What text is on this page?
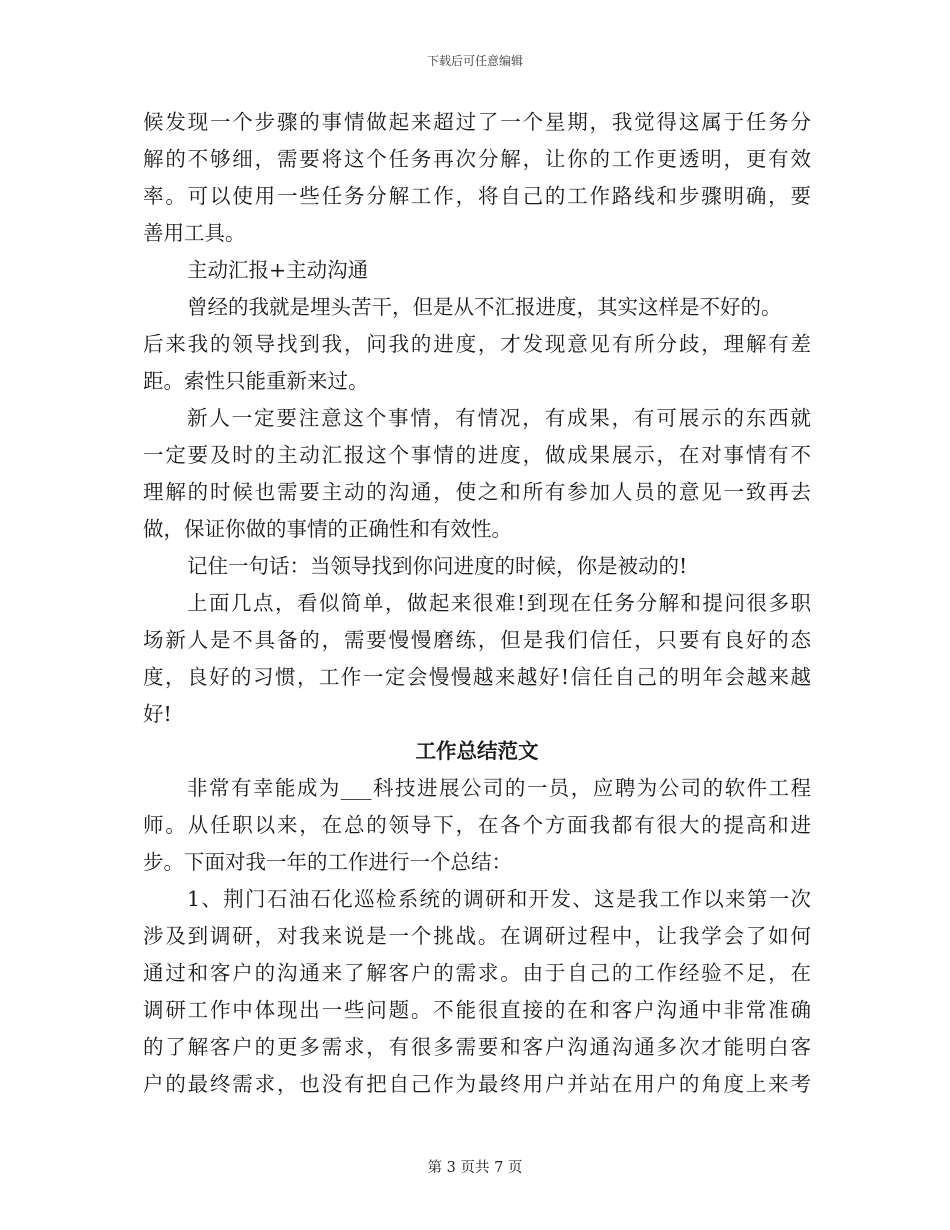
下载后可任意编辑
候发现一个步骤的事情做起来超过了一个星期，我觉得这属于任务分
解的不够细，需要将这个任务再次分解，让你的工作更透明，更有效
率。可以使用一些任务分解工作，将自己的工作路线和步骤明确，要
善用工具。
主动汇报+主动沟通
曾经的我就是埋头苦干，但是从不汇报进度，其实这样是不好的。
后来我的领导找到我，问我的进度，才发现意见有所分歧，理解有差
距。索性只能重新来过。
新人一定要注意这个事情，有情况，有成果，有可展示的东西就
一定要及时的主动汇报这个事情的进度，做成果展示，在对事情有不
理解的时候也需要主动的沟通，使之和所有参加人员的意见一致再去
做，保证你做的事情的正确性和有效性。
记住一句话：当领导找到你问进度的时候，你是被动的!
上面几点，看似简单，做起来很难!到现在任务分解和提问很多职
场新人是不具备的，需要慢慢磨练，但是我们信任，只要有良好的态
度，良好的习惯，工作一定会慢慢越来越好!信任自己的明年会越来越
好!
工作总结范文
非常有幸能成为___科技进展公司的一员，应聘为公司的软件工程
师。从任职以来，在总的领导下，在各个方面我都有很大的提高和进
步。下面对我一年的工作进行一个总结：
1、荆门石油石化巡检系统的调研和开发、这是我工作以来第一次
涉及到调研，对我来说是一个挑战。在调研过程中，让我学会了如何
通过和客户的沟通来了解客户的需求。由于自己的工作经验不足，在
调研工作中体现出一些问题。不能很直接的在和客户沟通中非常准确
的了解客户的更多需求，有很多需要和客户沟通沟通多次才能明白客
户的最终需求，也没有把自己作为最终用户并站在用户的角度上来考
第 3 页共 7 页
